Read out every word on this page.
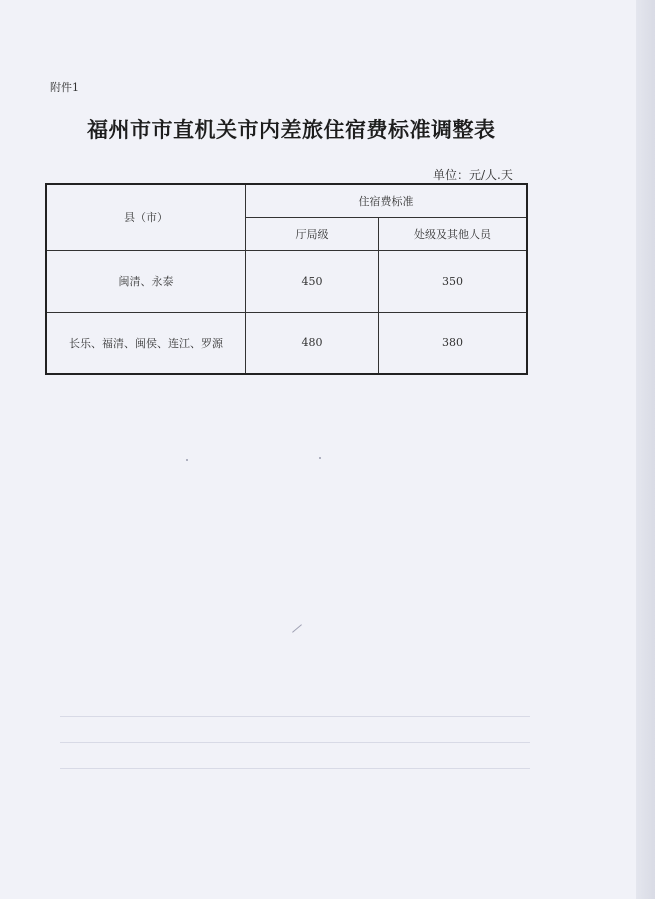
附件1
福州市市直机关市内差旅住宿费标准调整表
单位：元/人.天
县（市）	住宿费标准	
	厅局级	处级及其他人员
闽清、永泰	450	350
长乐、福清、闽侯、连江、罗源	480	380
